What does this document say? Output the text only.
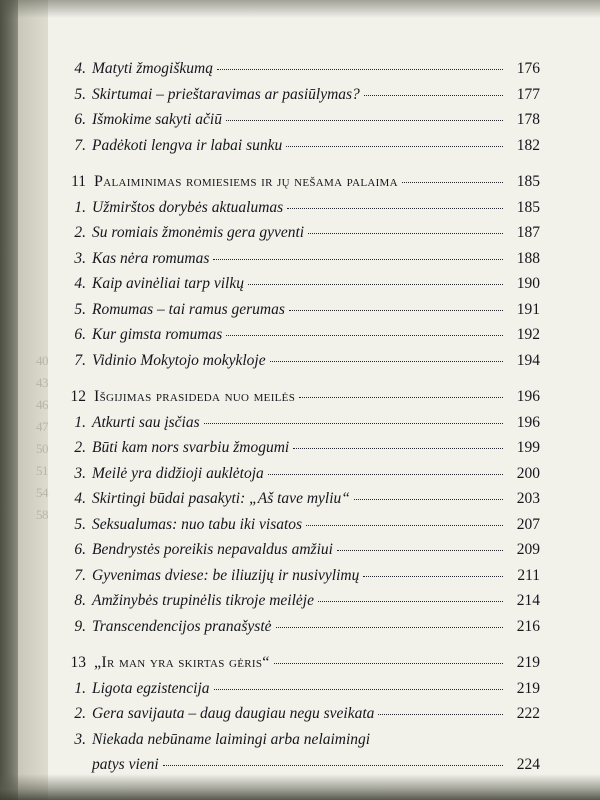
40
43
46
47
50
51
54
58
4. Matyti žmogiškumą	176
5. Skirtumai – prieštaravimas ar pasiūlymas?	177
6. Išmokime sakyti ačiū	178
7. Padėkoti lengva ir labai sunku	182
11 Palaiminimas romiesiems ir jų nešama palaima	185
1. Užmirštos dorybės aktualumas	185
2. Su romiais žmonėmis gera gyventi	187
3. Kas nėra romumas	188
4. Kaip avinėliai tarp vilkų	190
5. Romumas – tai ramus gerumas	191
6. Kur gimsta romumas	192
7. Vidinio Mokytojo mokykloje	194
12 Išgijimas prasideda nuo meilės	196
1. Atkurti sau įsčias	196
2. Būti kam nors svarbiu žmogumi	199
3. Meilė yra didžioji auklėtoja	200
4. Skirtingi būdai pasakyti: „Aš tave myliu“	203
5. Seksualumas: nuo tabu iki visatos	207
6. Bendrystės poreikis nepavaldus amžiui	209
7. Gyvenimas dviese: be iliuzijų ir nusivylimų	211
8. Amžinybės trupinėlis tikroje meilėje	214
9. Transcendencijos pranašystė	216
13 „Ir man yra skirtas gėris“	219
1. Ligota egzistencija	219
2. Gera savijauta – daug daugiau negu sveikata	222
3. Niekada nebūname laimingi arba nelaimingi
patys vieni	224
